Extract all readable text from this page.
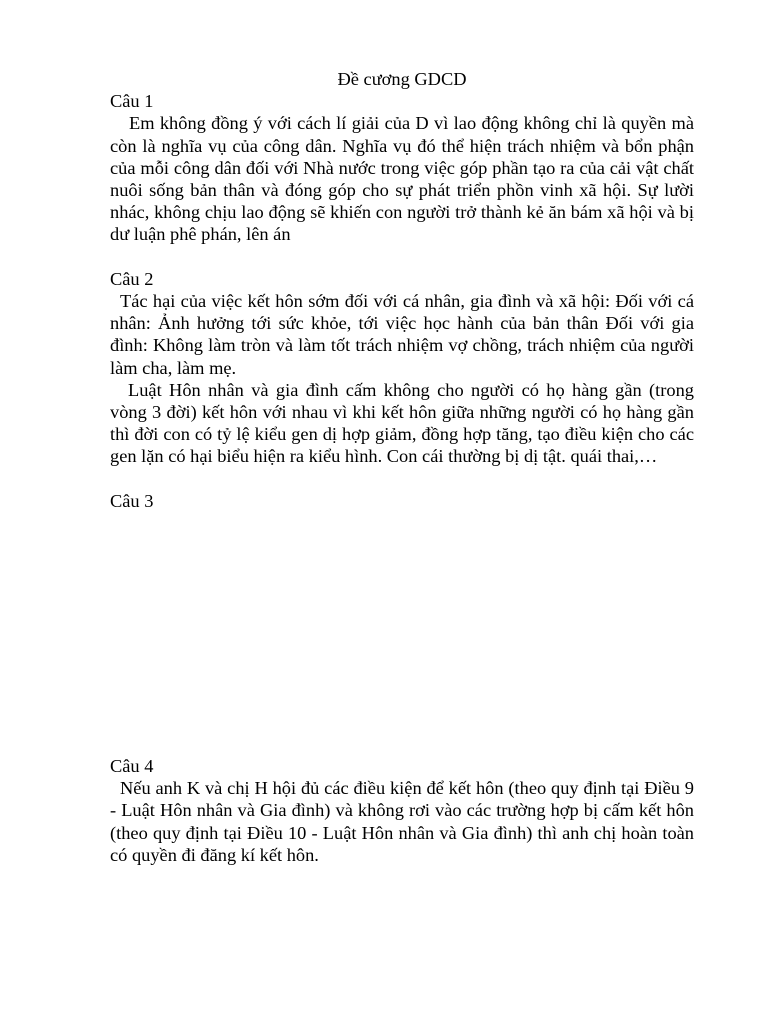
Đề cương GDCD

Câu 1

Em không đồng ý với cách lí giải của D vì lao động không chỉ là quyền mà còn là nghĩa vụ của công dân. Nghĩa vụ đó thể hiện trách nhiệm và bổn phận của mỗi công dân đối với Nhà nước trong việc góp phần tạo ra của cải vật chất nuôi sống bản thân và đóng góp cho sự phát triển phồn vinh xã hội. Sự lười nhác, không chịu lao động sẽ khiến con người trở thành kẻ ăn bám xã hội và bị dư luận phê phán, lên án

Câu 2

Tác hại của việc kết hôn sớm đối với cá nhân, gia đình và xã hội: Đối với cá nhân: Ảnh hưởng tới sức khỏe, tới việc học hành của bản thân Đối với gia đình: Không làm tròn và làm tốt trách nhiệm vợ chồng, trách nhiệm của người làm cha, làm mẹ.

Luật Hôn nhân và gia đình cấm không cho người có họ hàng gần (trong vòng 3 đời) kết hôn với nhau vì khi kết hôn giữa những người có họ hàng gần thì đời con có tỷ lệ kiểu gen dị hợp giảm, đồng hợp tăng, tạo điều kiện cho các gen lặn có hại biểu hiện ra kiểu hình. Con cái thường bị dị tật. quái thai,…

Câu 3

Câu 4

Nếu anh K và chị H hội đủ các điều kiện để kết hôn (theo quy định tại Điều 9 - Luật Hôn nhân và Gia đình) và không rơi vào các trường hợp bị cấm kết hôn (theo quy định tại Điều 10 - Luật Hôn nhân và Gia đình) thì anh chị hoàn toàn có quyền đi đăng kí kết hôn.
